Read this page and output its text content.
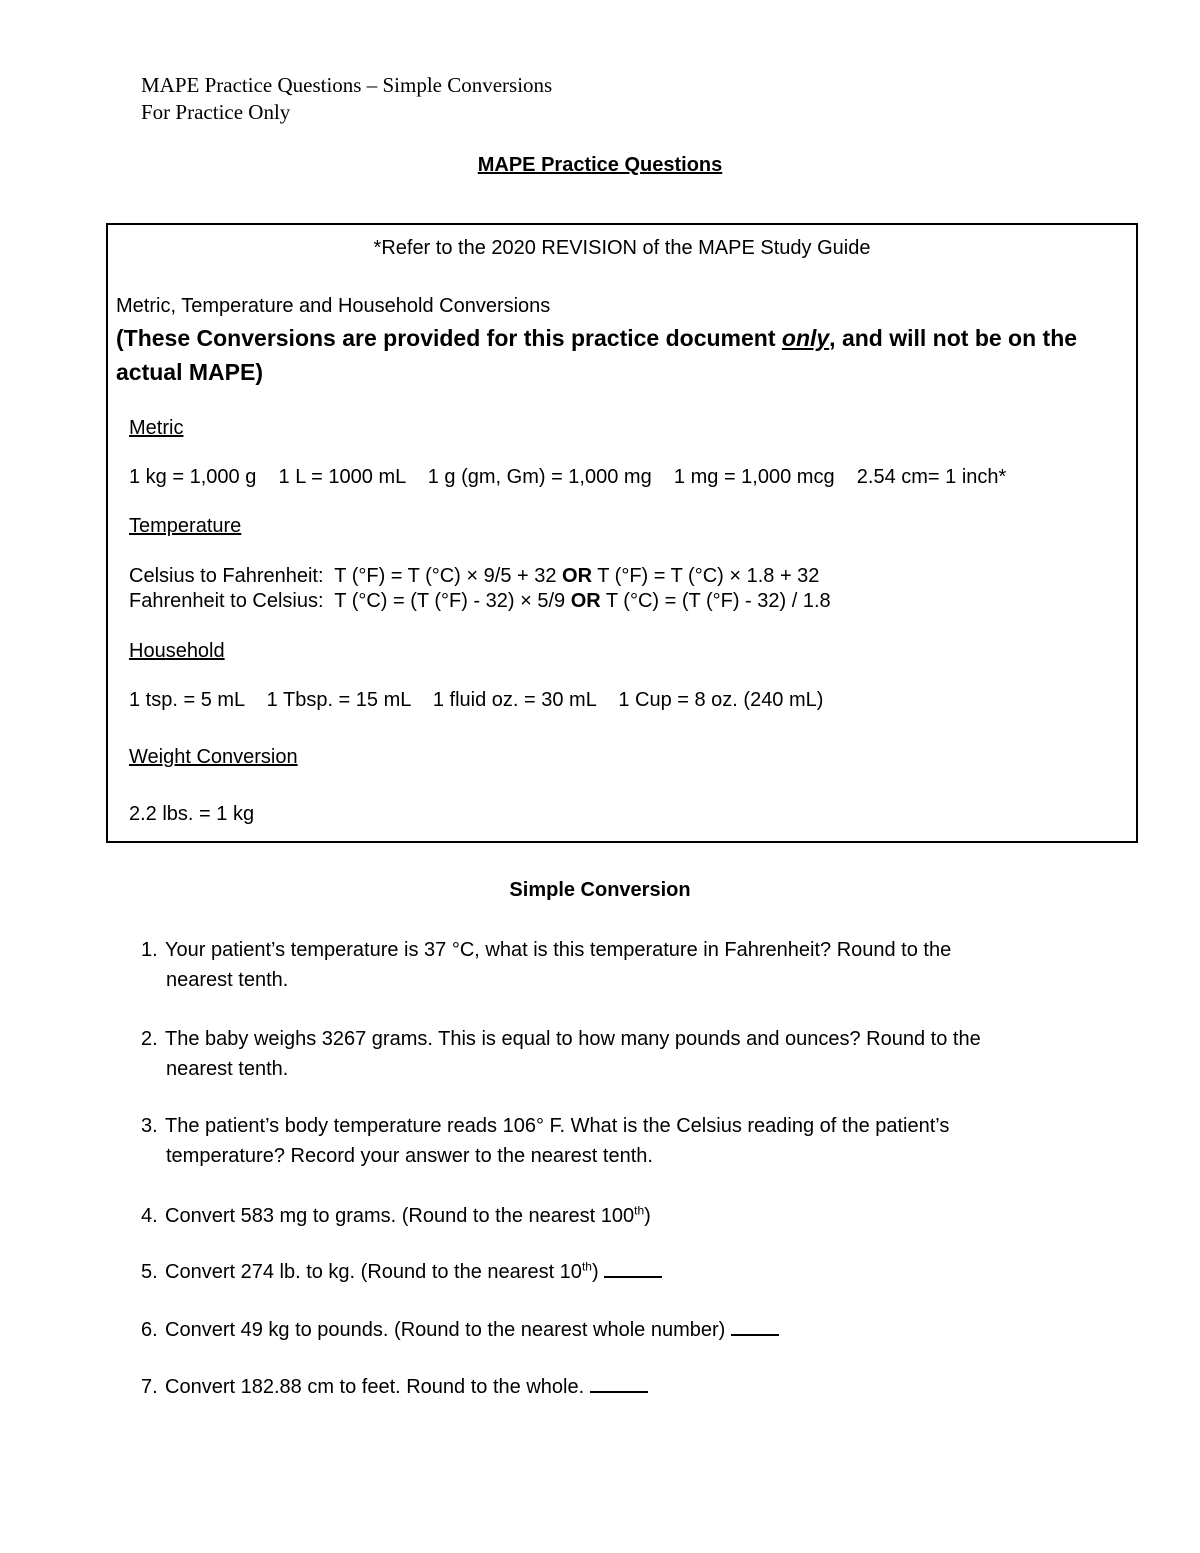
MAPE Practice Questions – Simple Conversions
For Practice Only
MAPE Practice Questions
*Refer to the 2020 REVISION of the MAPE Study Guide
Metric, Temperature and Household Conversions
(These Conversions are provided for this practice document only, and will not be on the actual MAPE)
Metric
1 kg = 1,000 g    1 L = 1000 mL    1 g (gm, Gm) = 1,000 mg    1 mg = 1,000 mcg    2.54 cm= 1 inch*
Temperature
Celsius to Fahrenheit:  T (°F) = T (°C) × 9/5 + 32 OR T (°F) = T (°C) × 1.8 + 32
Fahrenheit to Celsius:  T (°C) = (T (°F) - 32) × 5/9 OR T (°C) = (T (°F) - 32) / 1.8
Household
1 tsp. = 5 mL    1 Tbsp. = 15 mL    1 fluid oz. = 30 mL    1 Cup = 8 oz. (240 mL)
Weight Conversion
2.2 lbs. = 1 kg
Simple Conversion
1. Your patient’s temperature is 37 °C, what is this temperature in Fahrenheit? Round to the
nearest tenth.
2. The baby weighs 3267 grams. This is equal to how many pounds and ounces? Round to the
nearest tenth.
3. The patient’s body temperature reads 106° F. What is the Celsius reading of the patient’s
temperature? Record your answer to the nearest tenth.
4. Convert 583 mg to grams. (Round to the nearest 100th)
5. Convert 274 lb. to kg. (Round to the nearest 10th)
6. Convert 49 kg to pounds. (Round to the nearest whole number)
7. Convert 182.88 cm to feet. Round to the whole.
